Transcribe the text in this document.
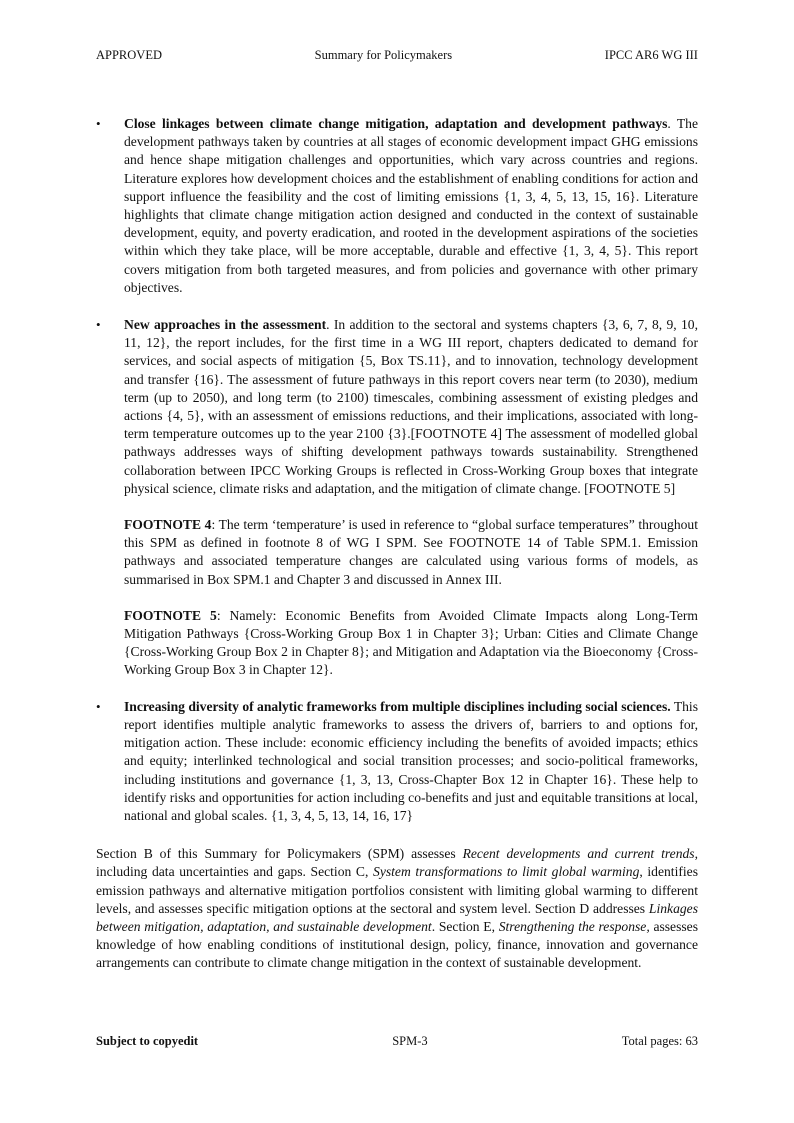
APPROVED	Summary for Policymakers	IPCC AR6 WG III
•	Close linkages between climate change mitigation, adaptation and development pathways. The development pathways taken by countries at all stages of economic development impact GHG emissions and hence shape mitigation challenges and opportunities, which vary across countries and regions. Literature explores how development choices and the establishment of enabling conditions for action and support influence the feasibility and the cost of limiting emissions {1, 3, 4, 5, 13, 15, 16}. Literature highlights that climate change mitigation action designed and conducted in the context of sustainable development, equity, and poverty eradication, and rooted in the development aspirations of the societies within which they take place, will be more acceptable, durable and effective {1, 3, 4, 5}. This report covers mitigation from both targeted measures, and from policies and governance with other primary objectives.

•	New approaches in the assessment. In addition to the sectoral and systems chapters {3, 6, 7, 8, 9, 10, 11, 12}, the report includes, for the first time in a WG III report, chapters dedicated to demand for services, and social aspects of mitigation {5, Box TS.11}, and to innovation, technology development and transfer {16}. The assessment of future pathways in this report covers near term (to 2030), medium term (up to 2050), and long term (to 2100) timescales, combining assessment of existing pledges and actions {4, 5}, with an assessment of emissions reductions, and their implications, associated with long-term temperature outcomes up to the year 2100 {3}.[FOOTNOTE 4] The assessment of modelled global pathways addresses ways of shifting development pathways towards sustainability. Strengthened collaboration between IPCC Working Groups is reflected in Cross-Working Group boxes that integrate physical science, climate risks and adaptation, and the mitigation of climate change. [FOOTNOTE 5]

FOOTNOTE 4: The term ‘temperature’ is used in reference to “global surface temperatures” throughout this SPM as defined in footnote 8 of WG I SPM. See FOOTNOTE 14 of Table SPM.1. Emission pathways and associated temperature changes are calculated using various forms of models, as summarised in Box SPM.1 and Chapter 3 and discussed in Annex III.

FOOTNOTE 5: Namely: Economic Benefits from Avoided Climate Impacts along Long-Term Mitigation Pathways {Cross-Working Group Box 1 in Chapter 3}; Urban: Cities and Climate Change {Cross-Working Group Box 2 in Chapter 8}; and Mitigation and Adaptation via the Bioeconomy {Cross-Working Group Box 3 in Chapter 12}.

•	Increasing diversity of analytic frameworks from multiple disciplines including social sciences. This report identifies multiple analytic frameworks to assess the drivers of, barriers to and options for, mitigation action. These include: economic efficiency including the benefits of avoided impacts; ethics and equity; interlinked technological and social transition processes; and socio-political frameworks, including institutions and governance {1, 3, 13, Cross-Chapter Box 12 in Chapter 16}. These help to identify risks and opportunities for action including co-benefits and just and equitable transitions at local, national and global scales. {1, 3, 4, 5, 13, 14, 16, 17}

Section B of this Summary for Policymakers (SPM) assesses Recent developments and current trends, including data uncertainties and gaps. Section C, System transformations to limit global warming, identifies emission pathways and alternative mitigation portfolios consistent with limiting global warming to different levels, and assesses specific mitigation options at the sectoral and system level. Section D addresses Linkages between mitigation, adaptation, and sustainable development. Section E, Strengthening the response, assesses knowledge of how enabling conditions of institutional design, policy, finance, innovation and governance arrangements can contribute to climate change mitigation in the context of sustainable development.

Subject to copyedit	SPM-3	Total pages: 63
